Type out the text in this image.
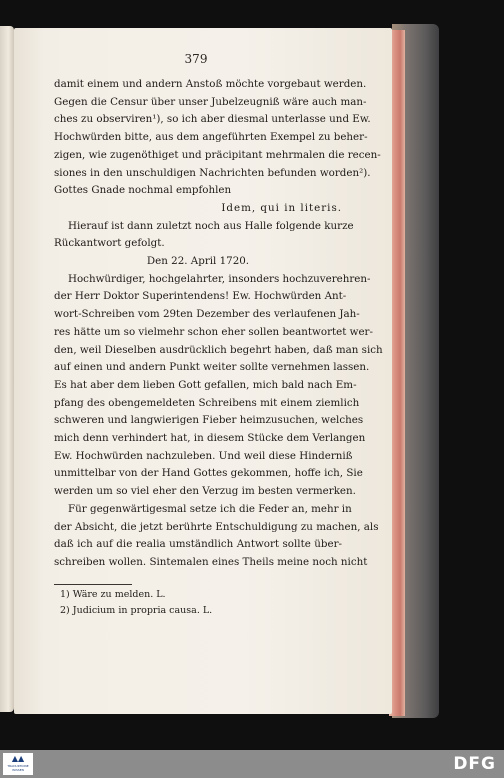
379
damit einem und andern Anstoß möchte vorgebaut werden.
Gegen die Censur über unser Jubelzeugniß wäre auch man-
ches zu observiren¹), so ich aber diesmal unterlasse und Ew.
Hochwürden bitte, aus dem angeführten Exempel zu beher-
zigen, wie zugenöthiget und präcipitant mehrmalen die recen-
siones in den unschuldigen Nachrichten befunden worden²).
Gottes Gnade nochmal empfohlen
Idem, qui in literis.
Hierauf ist dann zuletzt noch aus Halle folgende kurze
Rückantwort gefolgt.
Den 22. April 1720.
Hochwürdiger, hochgelahrter, insonders hochzuverehren-
der Herr Doktor Superintendens! Ew. Hochwürden Ant-
wort-Schreiben vom 29ten Dezember des verlaufenen Jah-
res hätte um so vielmehr schon eher sollen beantwortet wer-
den, weil Dieselben ausdrücklich begehrt haben, daß man sich
auf einen und andern Punkt weiter sollte vernehmen lassen.
Es hat aber dem lieben Gott gefallen, mich bald nach Em-
pfang des obengemeldeten Schreibens mit einem ziemlich
schweren und langwierigen Fieber heimzusuchen, welches
mich denn verhindert hat, in diesem Stücke dem Verlangen
Ew. Hochwürden nachzuleben. Und weil diese Hinderniß
unmittelbar von der Hand Gottes gekommen, hoffe ich, Sie
werden um so viel eher den Verzug im besten vermerken.
Für gegenwärtigesmal setze ich die Feder an, mehr in
der Absicht, die jetzt berührte Entschuldigung zu machen, als
daß ich auf die realia umständlich Antwort sollte über-
schreiben wollen. Sintemalen eines Theils meine noch nicht
1) Wäre zu melden. L.
2) Judicium in propria causa. L.
▲▲
TRADUKTIONE WISSEN	DFG
